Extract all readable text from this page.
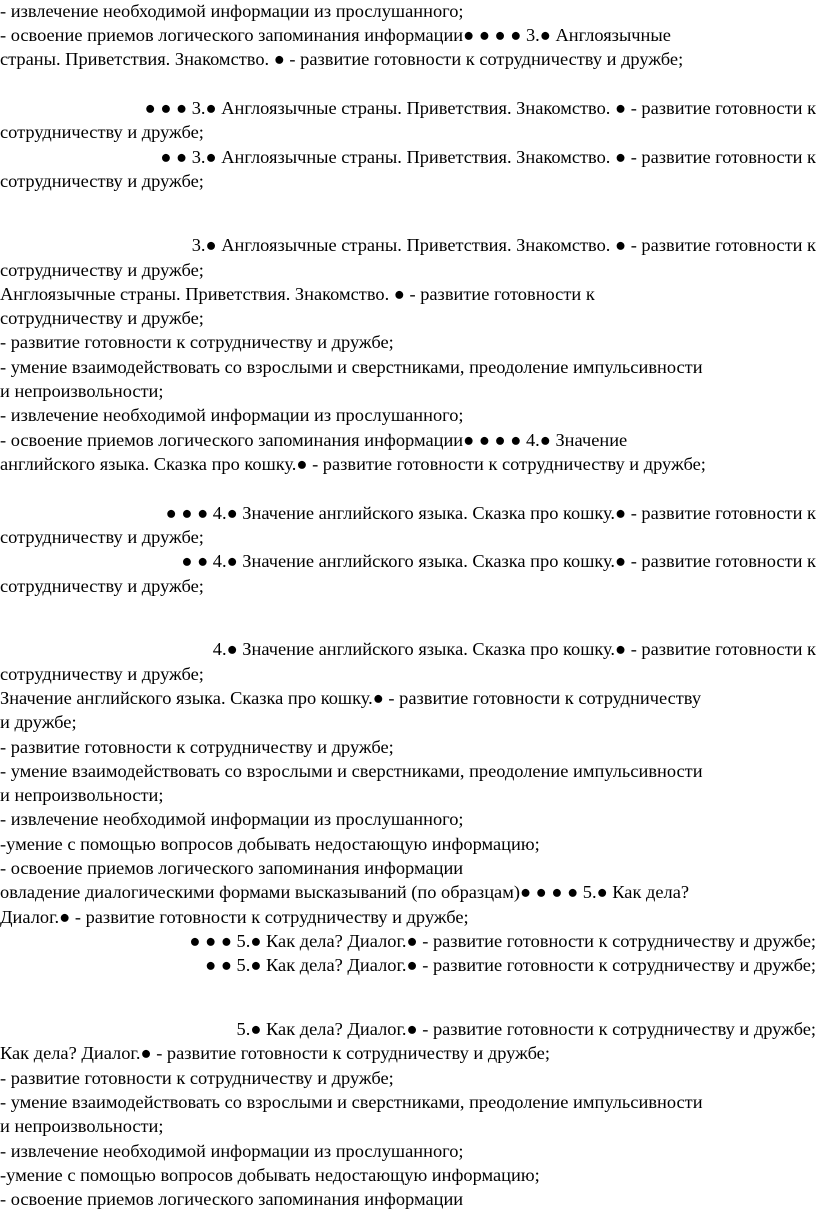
- извлечение необходимой информации из прослушанного;
- освоение приемов логического запоминания информации● ● ● ● 3.● Англоязычные
страны. Приветствия. Знакомство. ● - развитие готовности к сотрудничеству и дружбе;
● ● ● 3.● Англоязычные страны. Приветствия. Знакомство. ● - развитие готовности к
сотрудничеству и дружбе;
● ● 3.● Англоязычные страны. Приветствия. Знакомство. ● - развитие готовности к
сотрудничеству и дружбе;
3.● Англоязычные страны. Приветствия. Знакомство. ● - развитие готовности к
сотрудничеству и дружбе;
Англоязычные страны. Приветствия. Знакомство. ● - развитие готовности к
сотрудничеству и дружбе;
- развитие готовности к сотрудничеству и дружбе;
- умение взаимодействовать со взрослыми и сверстниками, преодоление импульсивности
и непроизвольности;
- извлечение необходимой информации из прослушанного;
- освоение приемов логического запоминания информации● ● ● ● 4.● Значение
английского языка. Сказка про кошку.● - развитие готовности к сотрудничеству и дружбе;
● ● ● 4.● Значение английского языка. Сказка про кошку.● - развитие готовности к
сотрудничеству и дружбе;
● ● 4.● Значение английского языка. Сказка про кошку.● - развитие готовности к
сотрудничеству и дружбе;
4.● Значение английского языка. Сказка про кошку.● - развитие готовности к
сотрудничеству и дружбе;
Значение английского языка. Сказка про кошку.● - развитие готовности к сотрудничеству
и дружбе;
- развитие готовности к сотрудничеству и дружбе;
- умение взаимодействовать со взрослыми и сверстниками, преодоление импульсивности
и непроизвольности;
- извлечение необходимой информации из прослушанного;
-умение с помощью вопросов добывать недостающую информацию;
- освоение приемов логического запоминания информации
овладение диалогическими формами высказываний (по образцам)● ● ● ● 5.● Как дела?
Диалог.● - развитие готовности к сотрудничеству и дружбе;
● ● ● 5.● Как дела? Диалог.● - развитие готовности к сотрудничеству и дружбе;
● ● 5.● Как дела? Диалог.● - развитие готовности к сотрудничеству и дружбе;
5.● Как дела? Диалог.● - развитие готовности к сотрудничеству и дружбе;
Как дела? Диалог.● - развитие готовности к сотрудничеству и дружбе;
- развитие готовности к сотрудничеству и дружбе;
- умение взаимодействовать со взрослыми и сверстниками, преодоление импульсивности
и непроизвольности;
- извлечение необходимой информации из прослушанного;
-умение с помощью вопросов добывать недостающую информацию;
- освоение приемов логического запоминания информации
